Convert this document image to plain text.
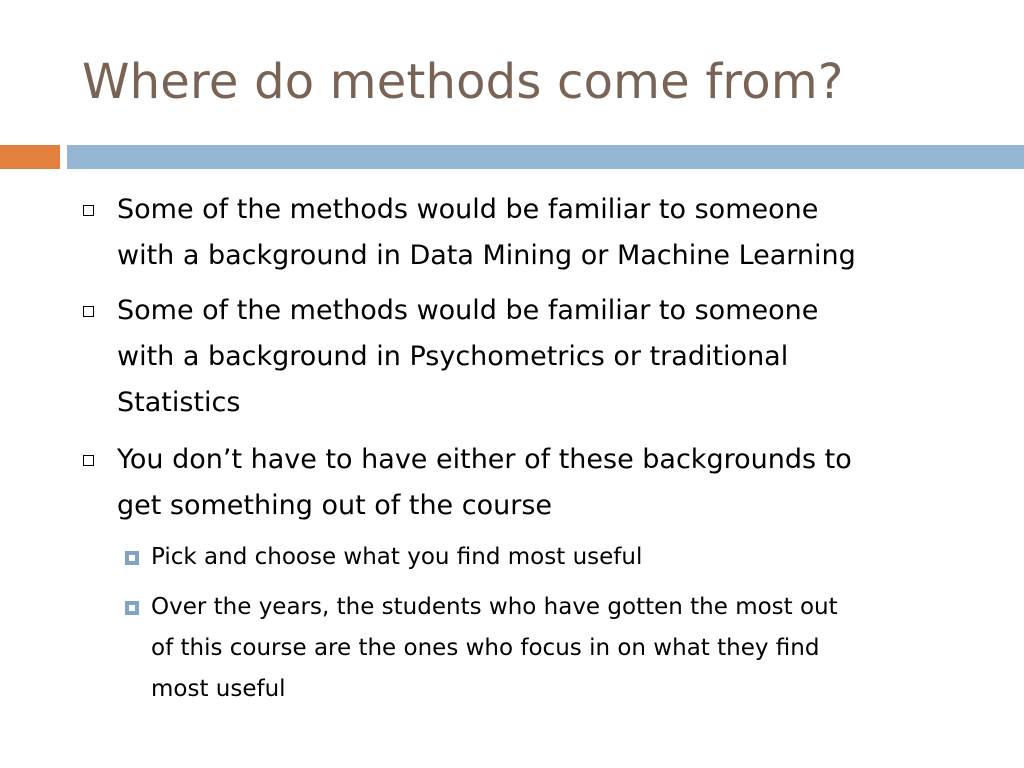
Where do methods come from?
Some of the methods would be familiar to someone
with a background in Data Mining or Machine Learning
Some of the methods would be familiar to someone
with a background in Psychometrics or traditional
Statistics
You don’t have to have either of these backgrounds to
get something out of the course
Pick and choose what you find most useful
Over the years, the students who have gotten the most out
of this course are the ones who focus in on what they find
most useful
